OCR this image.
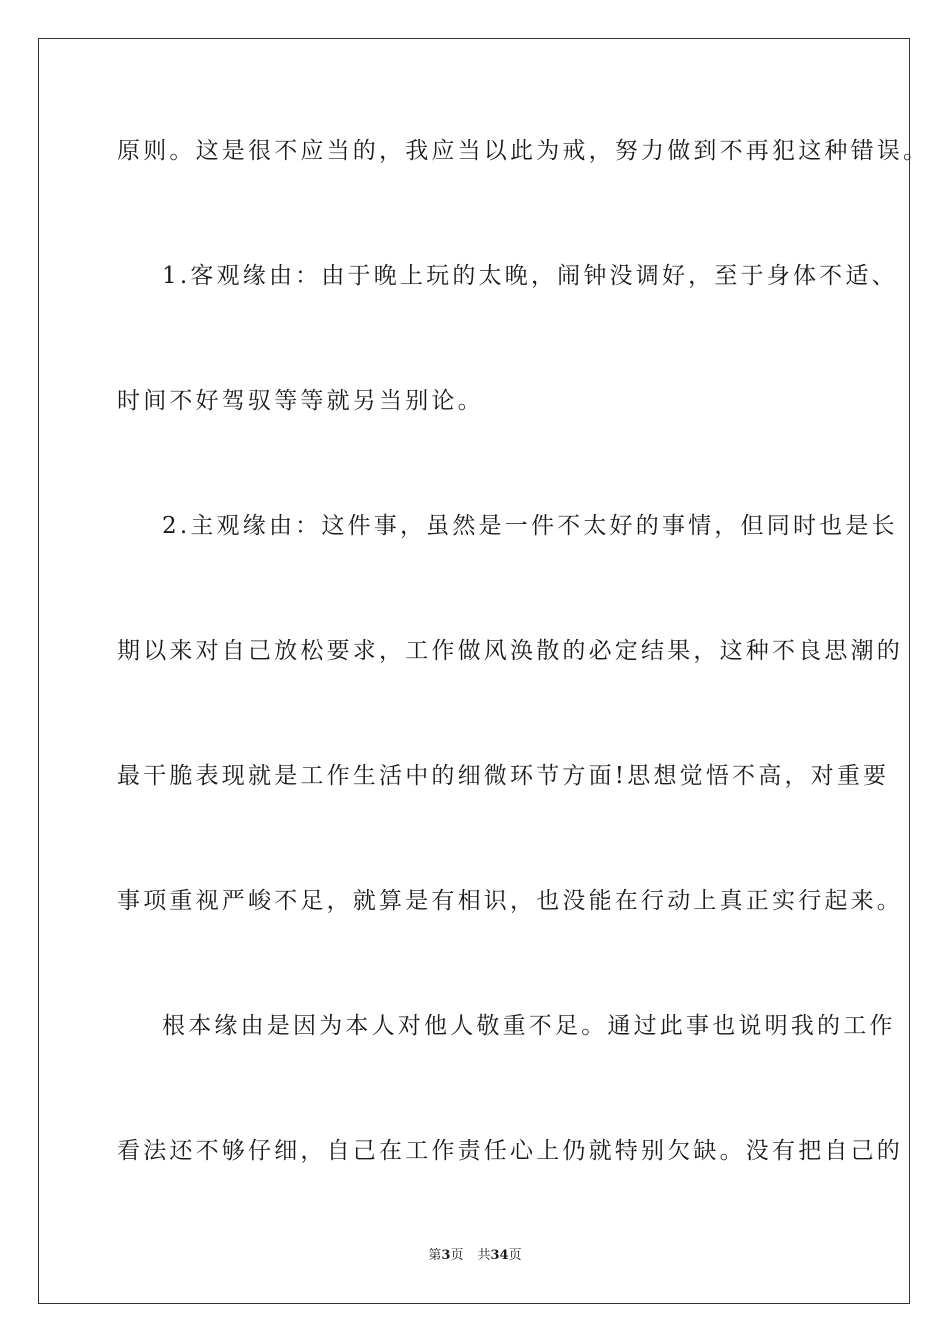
原则。这是很不应当的，我应当以此为戒，努力做到不再犯这种错误。
1.客观缘由：由于晚上玩的太晚，闹钟没调好，至于身体不适、
时间不好驾驭等等就另当别论。
2.主观缘由：这件事，虽然是一件不太好的事情，但同时也是长
期以来对自己放松要求，工作做风涣散的必定结果，这种不良思潮的
最干脆表现就是工作生活中的细微环节方面!思想觉悟不高，对重要
事项重视严峻不足，就算是有相识，也没能在行动上真正实行起来。
根本缘由是因为本人对他人敬重不足。通过此事也说明我的工作
看法还不够仔细，自己在工作责任心上仍就特别欠缺。没有把自己的
第3页 共34页
